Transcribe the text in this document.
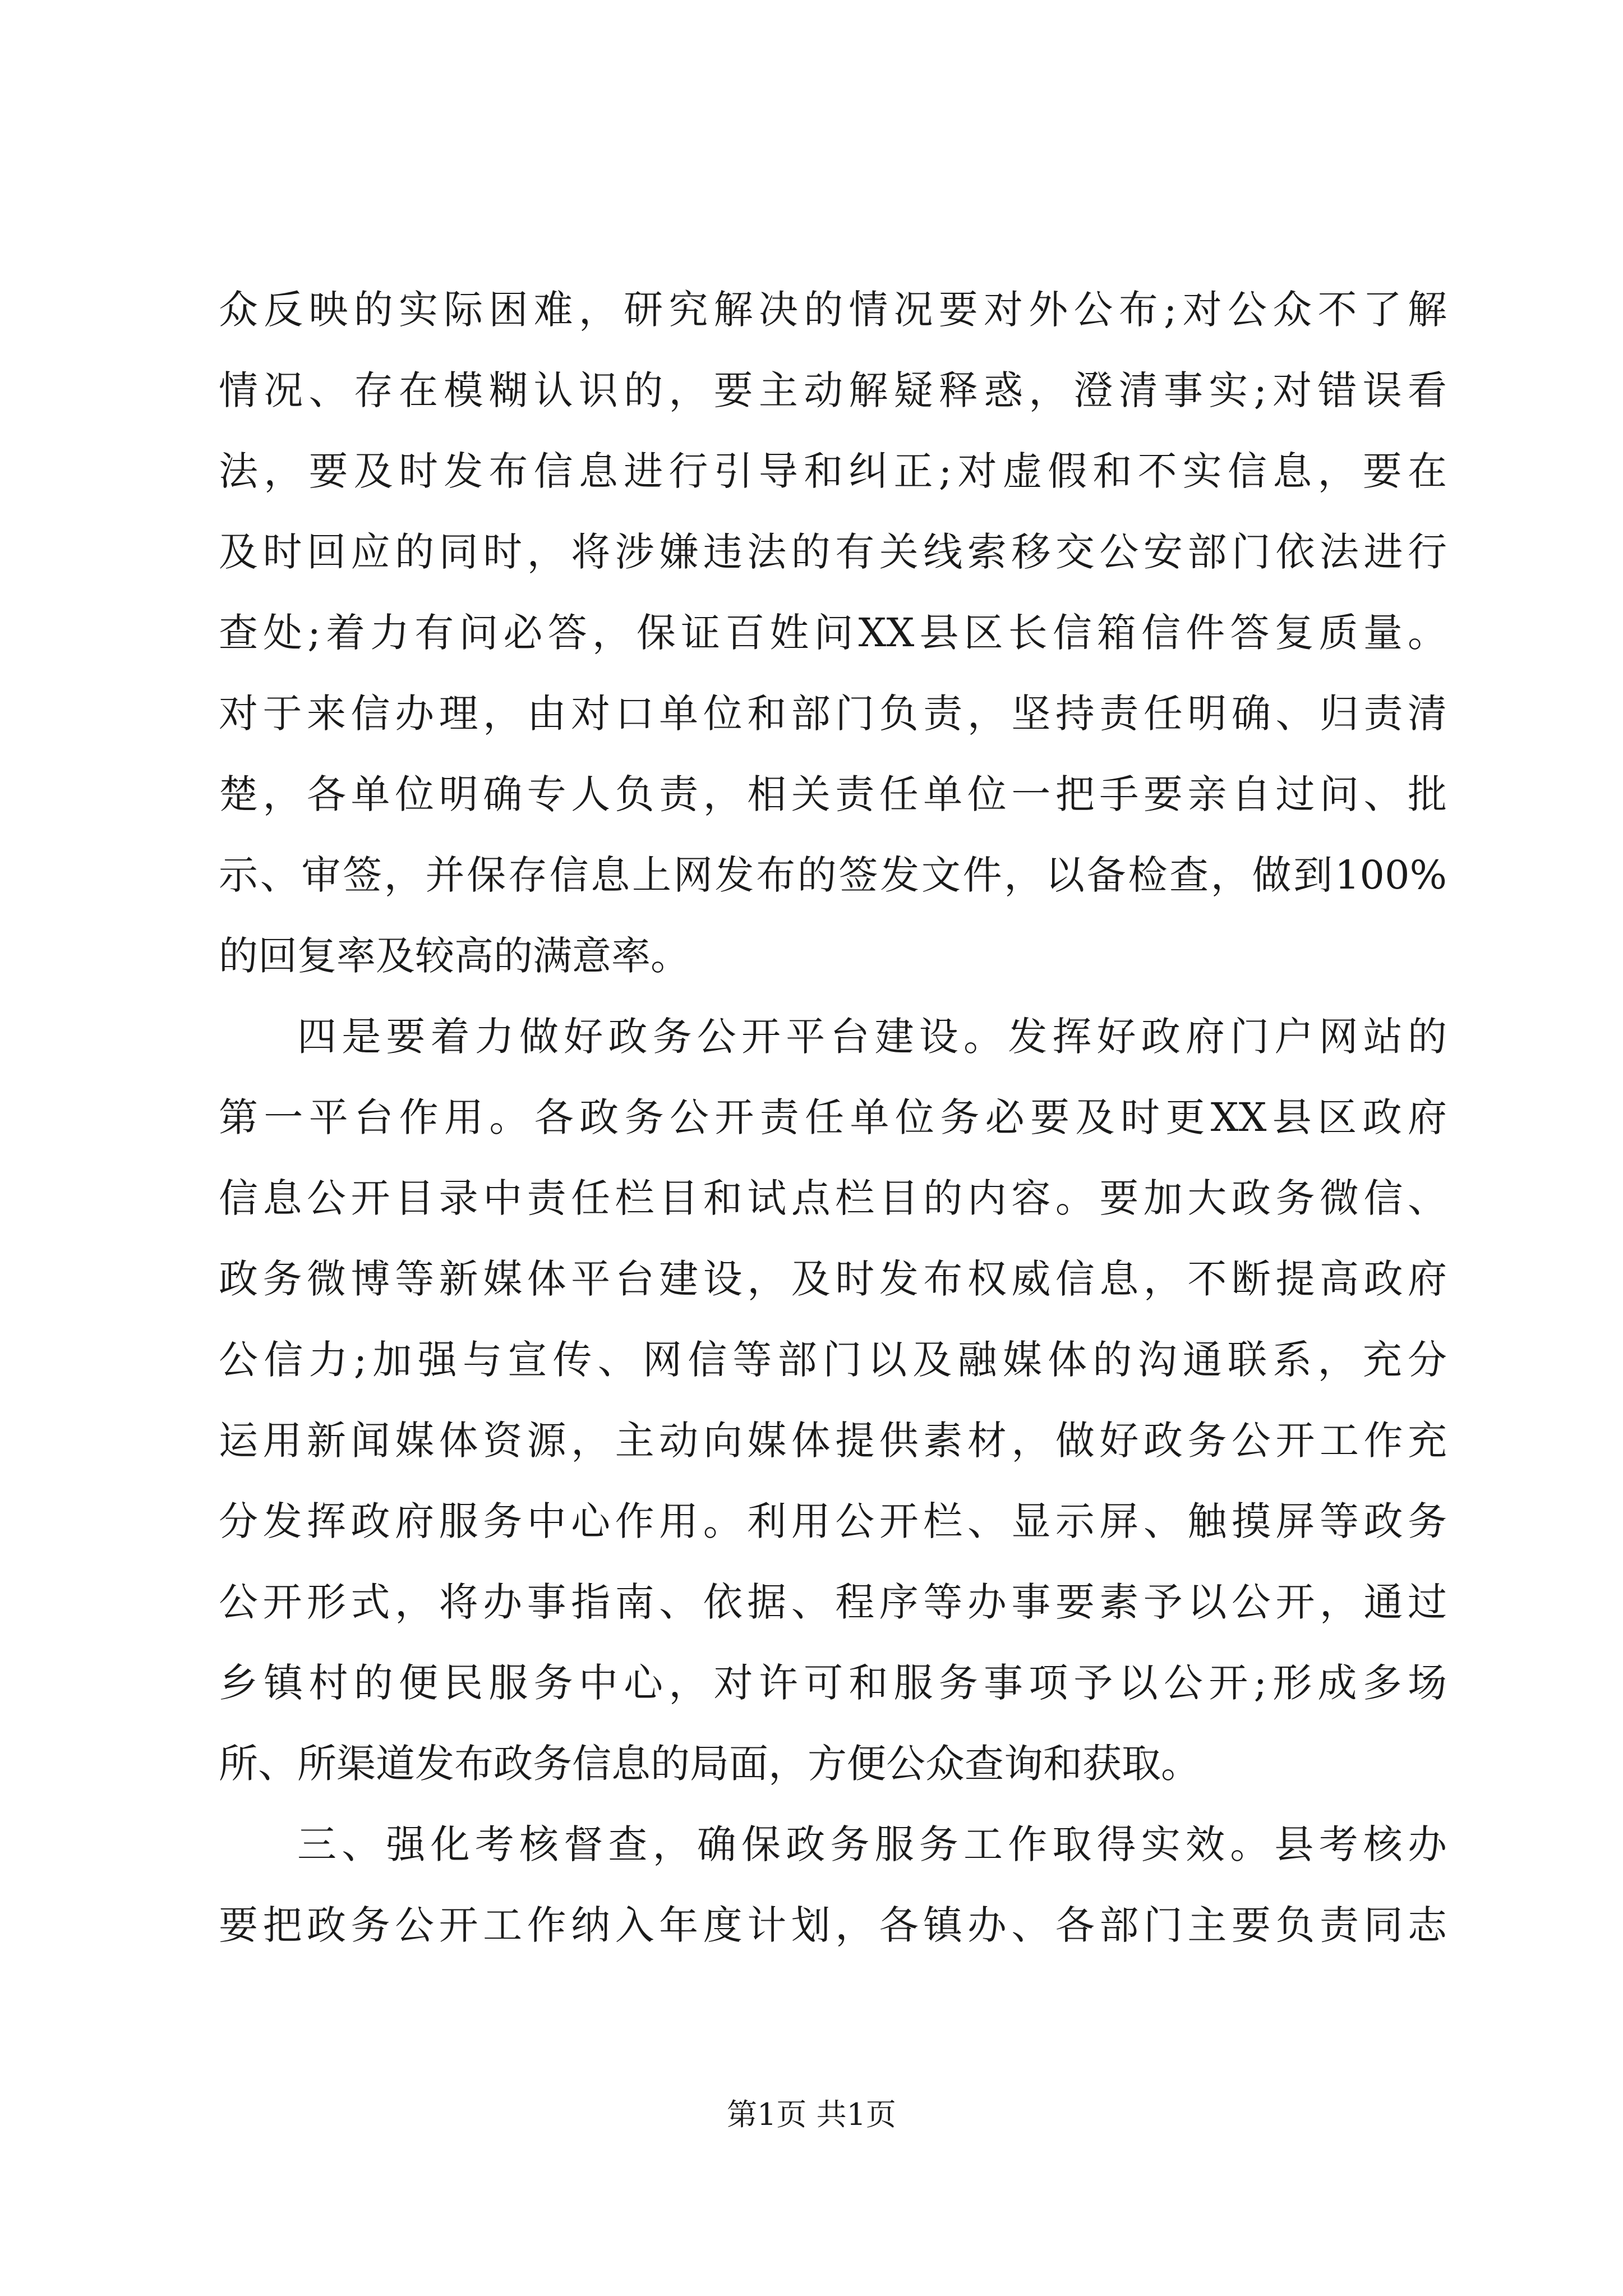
众反映的实际困难，研究解决的情况要对外公布;对公众不了解
情况、存在模糊认识的，要主动解疑释惑，澄清事实;对错误看
法，要及时发布信息进行引导和纠正;对虚假和不实信息，要在
及时回应的同时，将涉嫌违法的有关线索移交公安部门依法进行
查处;着力有问必答，保证百姓问XX县区长信箱信件答复质量。
对于来信办理，由对口单位和部门负责，坚持责任明确、归责清
楚，各单位明确专人负责，相关责任单位一把手要亲自过问、批
示、审签，并保存信息上网发布的签发文件，以备检查，做到100%
的回复率及较高的满意率。
四是要着力做好政务公开平台建设。发挥好政府门户网站的
第一平台作用。各政务公开责任单位务必要及时更XX县区政府
信息公开目录中责任栏目和试点栏目的内容。要加大政务微信、
政务微博等新媒体平台建设，及时发布权威信息，不断提高政府
公信力;加强与宣传、网信等部门以及融媒体的沟通联系，充分
运用新闻媒体资源，主动向媒体提供素材，做好政务公开工作充
分发挥政府服务中心作用。利用公开栏、显示屏、触摸屏等政务
公开形式，将办事指南、依据、程序等办事要素予以公开，通过
乡镇村的便民服务中心，对许可和服务事项予以公开;形成多场
所、所渠道发布政务信息的局面，方便公众查询和获取。
三、强化考核督查，确保政务服务工作取得实效。县考核办
要把政务公开工作纳入年度计划，各镇办、各部门主要负责同志
第1页 共1页
